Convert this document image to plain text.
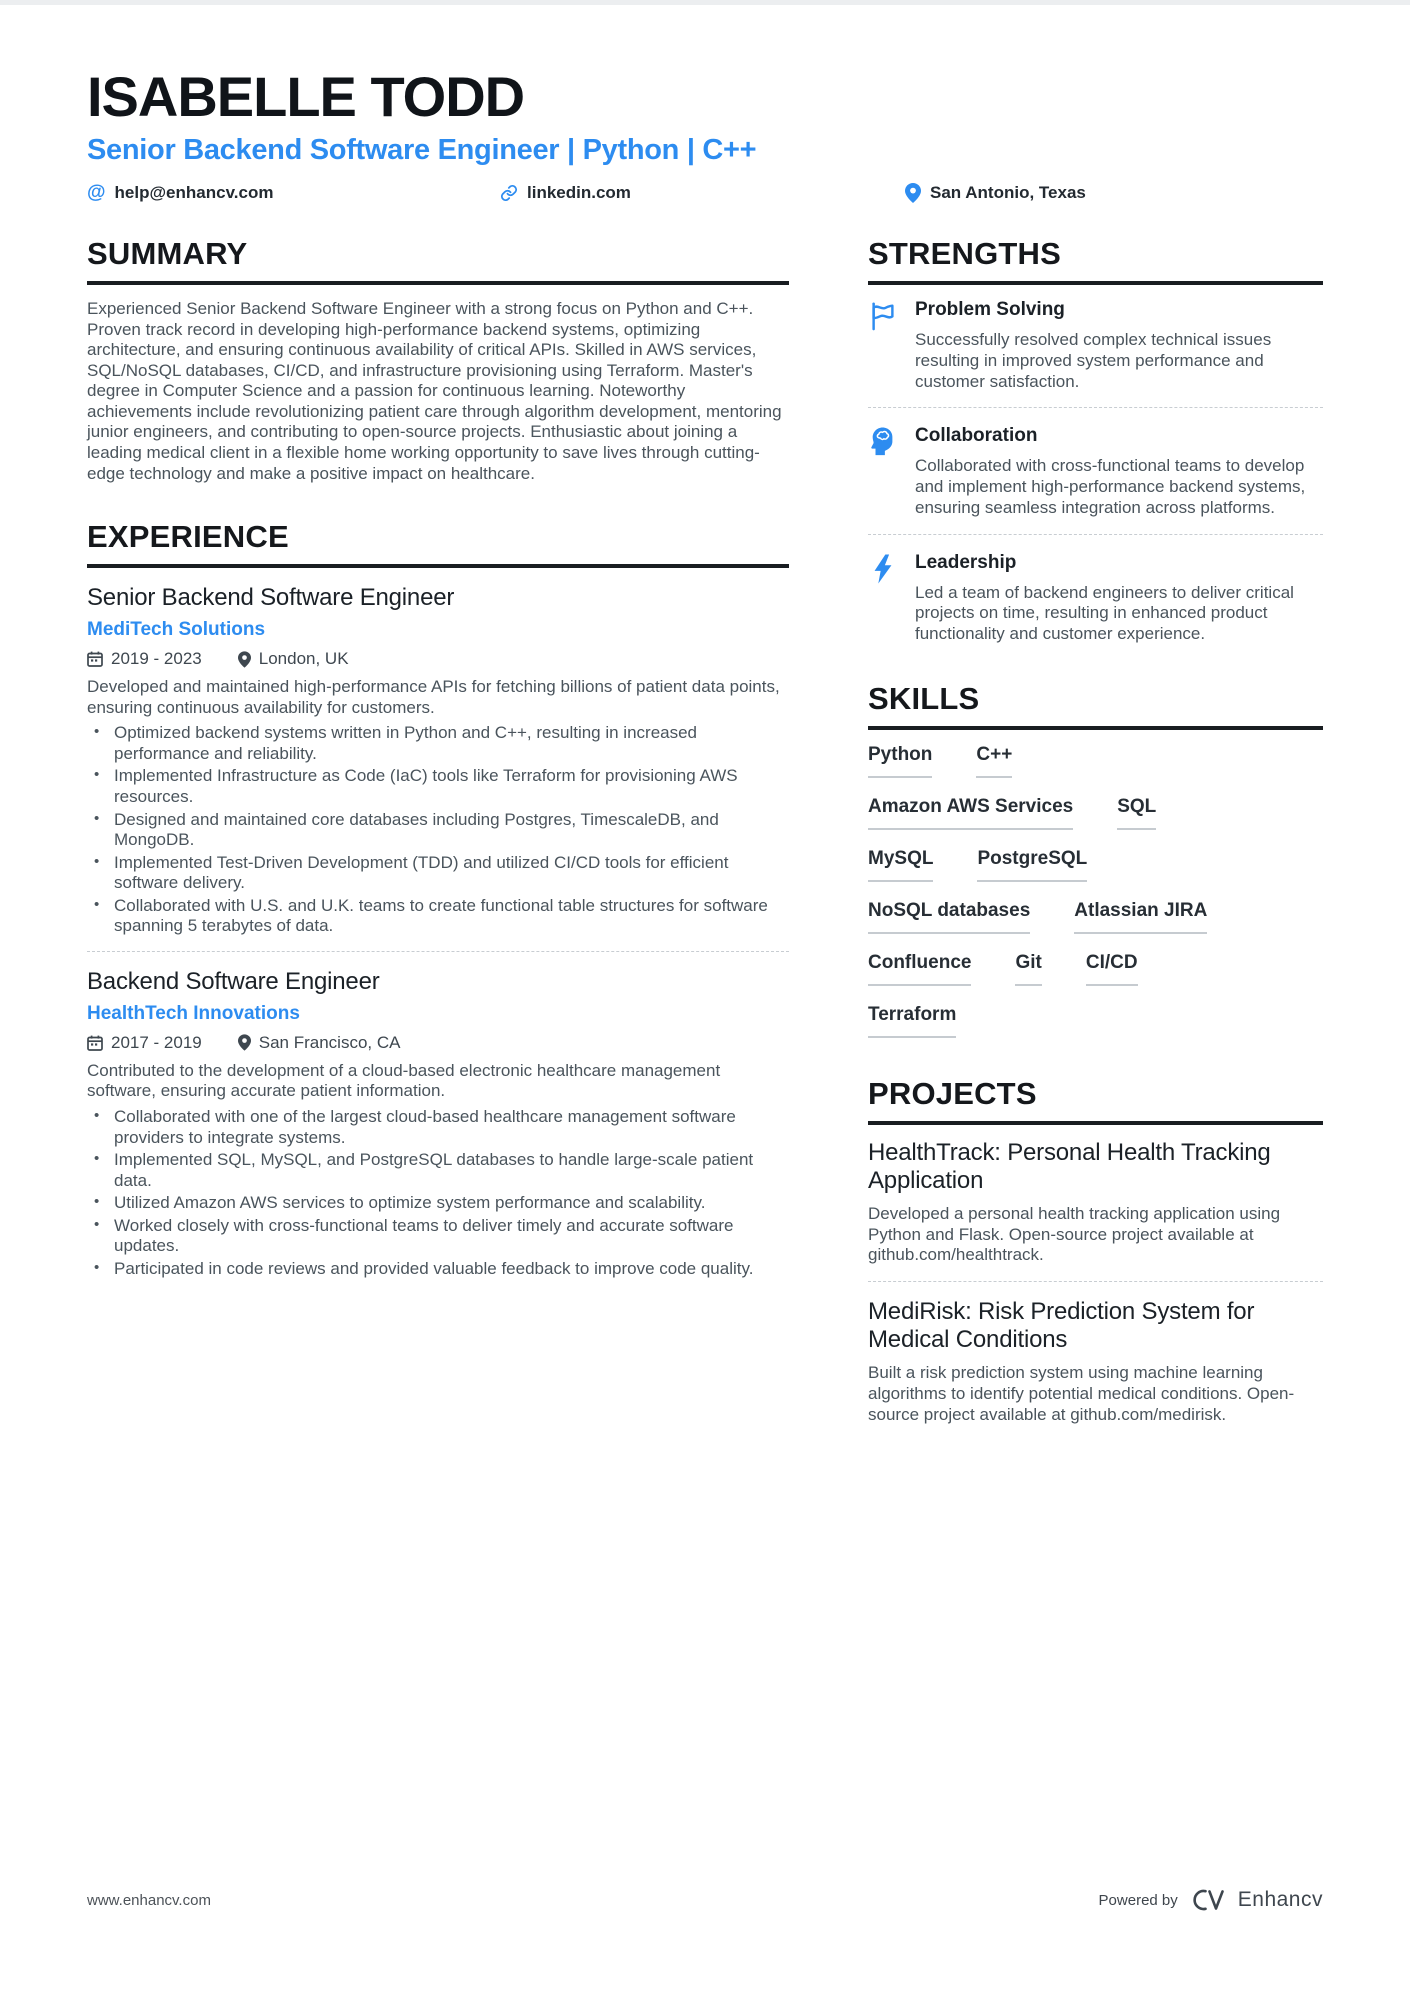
ISABELLE TODD
Senior Backend Software Engineer | Python | C++
@ help@enhancv.com	linkedin.com	San Antonio, Texas
SUMMARY
Experienced Senior Backend Software Engineer with a strong focus on Python and C++. Proven track record in developing high-performance backend systems, optimizing architecture, and ensuring continuous availability of critical APIs. Skilled in AWS services, SQL/NoSQL databases, CI/CD, and infrastructure provisioning using Terraform. Master's degree in Computer Science and a passion for continuous learning. Noteworthy achievements include revolutionizing patient care through algorithm development, mentoring junior engineers, and contributing to open-source projects. Enthusiastic about joining a leading medical client in a flexible home working opportunity to save lives through cutting-edge technology and make a positive impact on healthcare.
EXPERIENCE
Senior Backend Software Engineer
MediTech Solutions
2019 - 2023	London, UK
Developed and maintained high-performance APIs for fetching billions of patient data points, ensuring continuous availability for customers.
• Optimized backend systems written in Python and C++, resulting in increased performance and reliability.
• Implemented Infrastructure as Code (IaC) tools like Terraform for provisioning AWS resources.
• Designed and maintained core databases including Postgres, TimescaleDB, and MongoDB.
• Implemented Test-Driven Development (TDD) and utilized CI/CD tools for efficient software delivery.
• Collaborated with U.S. and U.K. teams to create functional table structures for software spanning 5 terabytes of data.
Backend Software Engineer
HealthTech Innovations
2017 - 2019	San Francisco, CA
Contributed to the development of a cloud-based electronic healthcare management software, ensuring accurate patient information.
• Collaborated with one of the largest cloud-based healthcare management software providers to integrate systems.
• Implemented SQL, MySQL, and PostgreSQL databases to handle large-scale patient data.
• Utilized Amazon AWS services to optimize system performance and scalability.
• Worked closely with cross-functional teams to deliver timely and accurate software updates.
• Participated in code reviews and provided valuable feedback to improve code quality.
STRENGTHS
Problem Solving
Successfully resolved complex technical issues resulting in improved system performance and customer satisfaction.
Collaboration
Collaborated with cross-functional teams to develop and implement high-performance backend systems, ensuring seamless integration across platforms.
Leadership
Led a team of backend engineers to deliver critical projects on time, resulting in enhanced product functionality and customer experience.
SKILLS
Python C++
Amazon AWS Services SQL
MySQL PostgreSQL
NoSQL databases Atlassian JIRA
Confluence Git CI/CD
Terraform
PROJECTS
HealthTrack: Personal Health Tracking Application
Developed a personal health tracking application using Python and Flask. Open-source project available at github.com/healthtrack.
MediRisk: Risk Prediction System for Medical Conditions
Built a risk prediction system using machine learning algorithms to identify potential medical conditions. Open-source project available at github.com/medirisk.
www.enhancv.com	Powered by	Enhancv
